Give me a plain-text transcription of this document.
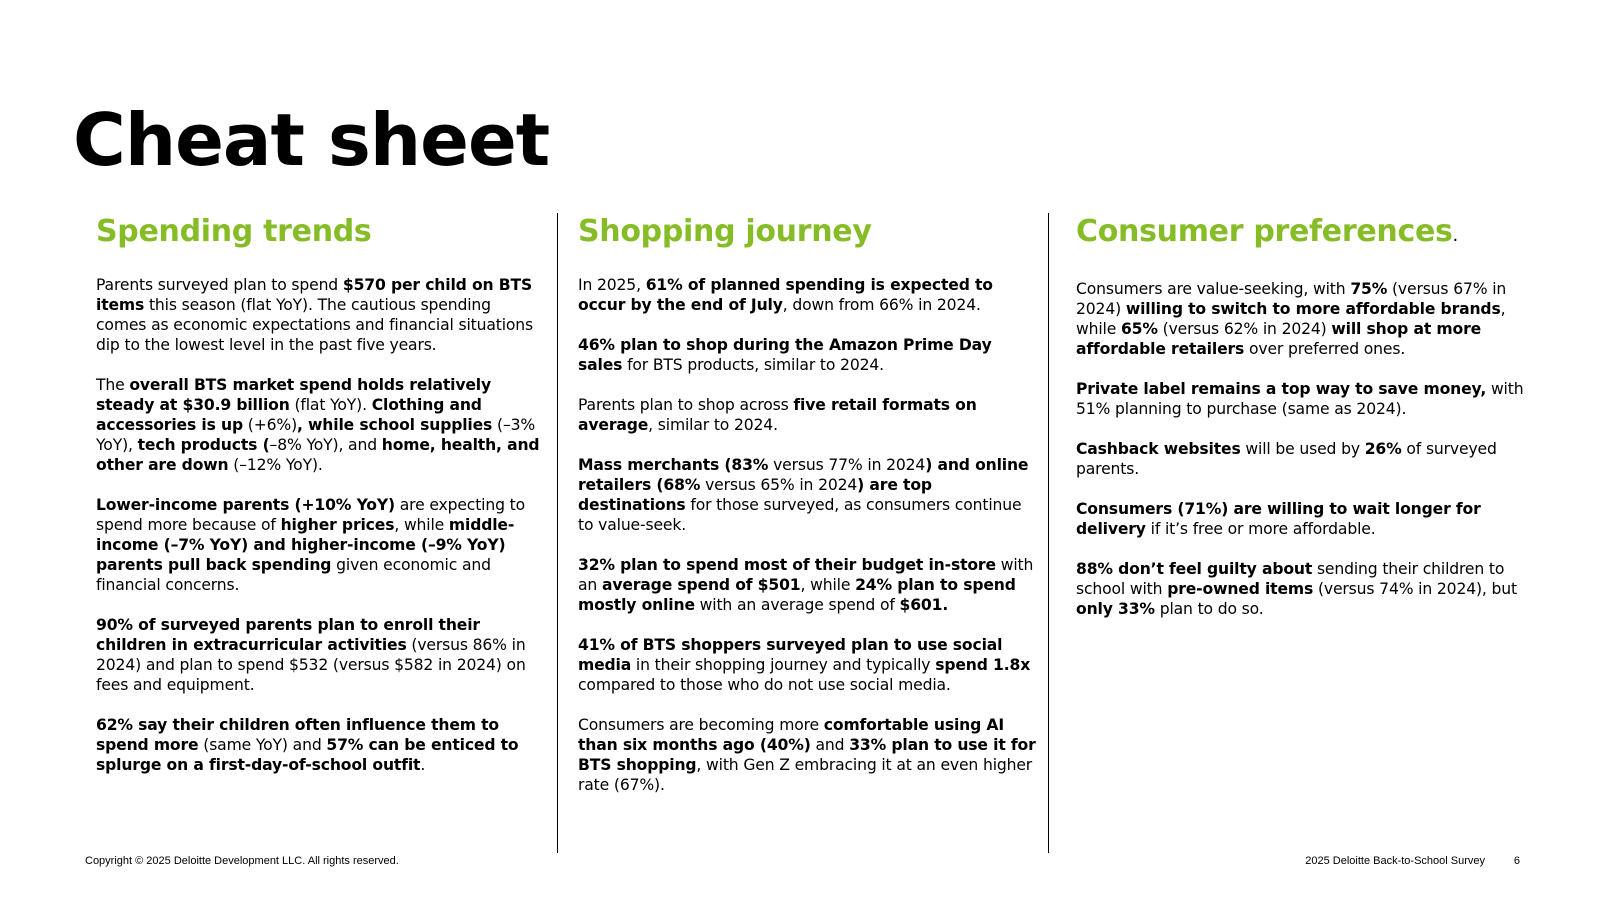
Cheat sheet
Spending trends

Parents surveyed plan to spend $570 per child on BTS items this season (flat YoY). The cautious spending comes as economic expectations and financial situations dip to the lowest level in the past five years.

The overall BTS market spend holds relatively steady at $30.9 billion (flat YoY). Clothing and accessories is up (+6%), while school supplies (–3% YoY), tech products (–8% YoY), and home, health, and other are down (–12% YoY).

Lower-income parents (+10% YoY) are expecting to spend more because of higher prices, while middle-income (–7% YoY) and higher-income (–9% YoY) parents pull back spending given economic and financial concerns.

90% of surveyed parents plan to enroll their children in extracurricular activities (versus 86% in 2024) and plan to spend $532 (versus $582 in 2024) on fees and equipment.

62% say their children often influence them to spend more (same YoY) and 57% can be enticed to splurge on a first-day-of-school outfit.

Shopping journey

In 2025, 61% of planned spending is expected to occur by the end of July, down from 66% in 2024.

46% plan to shop during the Amazon Prime Day sales for BTS products, similar to 2024.

Parents plan to shop across five retail formats on average, similar to 2024.

Mass merchants (83% versus 77% in 2024) and online retailers (68% versus 65% in 2024) are top destinations for those surveyed, as consumers continue to value-seek.

32% plan to spend most of their budget in-store with an average spend of $501, while 24% plan to spend mostly online with an average spend of $601.

41% of BTS shoppers surveyed plan to use social media in their shopping journey and typically spend 1.8x compared to those who do not use social media.

Consumers are becoming more comfortable using AI than six months ago (40%) and 33% plan to use it for BTS shopping, with Gen Z embracing it at an even higher rate (67%).

Consumer preferences.

Consumers are value-seeking, with 75% (versus 67% in 2024) willing to switch to more affordable brands, while 65% (versus 62% in 2024) will shop at more affordable retailers over preferred ones.

Private label remains a top way to save money, with 51% planning to purchase (same as 2024).

Cashback websites will be used by 26% of surveyed parents.

Consumers (71%) are willing to wait longer for delivery if it’s free or more affordable.

88% don’t feel guilty about sending their children to school with pre-owned items (versus 74% in 2024), but only 33% plan to do so.

Copyright © 2025 Deloitte Development LLC. All rights reserved.	2025 Deloitte Back-to-School Survey	6
